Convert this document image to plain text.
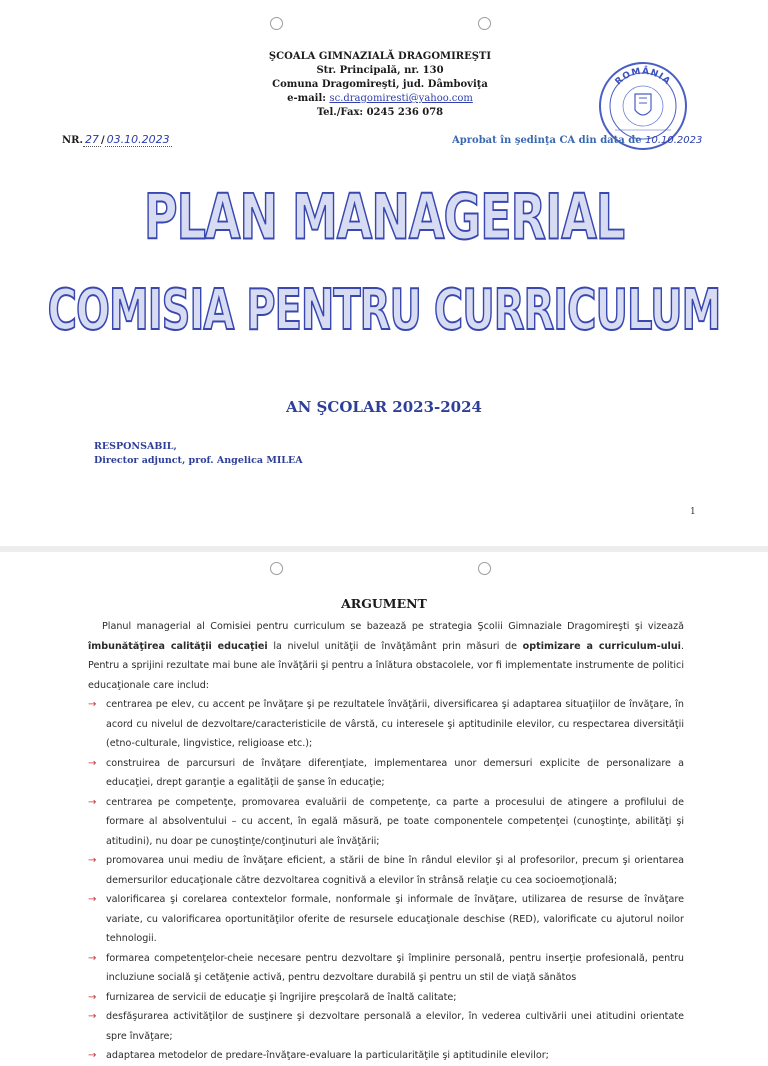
ŞCOALA GIMNAZIALĂ DRAGOMIREŞTI
Str. Principală, nr. 130
Comuna Dragomireşti, jud. Dâmboviţa
e-mail: sc.dragomiresti@yahoo.com
Tel./Fax: 0245 236 078
ROMÂNIA
NR. 27 / 03.10.2023	Aprobat în şedinţa CA din data de 10.10.2023
PLAN MANAGERIAL
COMISIA PENTRU CURRICULUM
AN ŞCOLAR 2023-2024
RESPONSABIL,
Director adjunct, prof. Angelica MILEA
1
ARGUMENT

Planul managerial al Comisiei pentru curriculum se bazează pe strategia Şcolii Gimnaziale Dragomireşti şi vizează îmbunătăţirea calităţii educaţiei la nivelul unităţii de învăţământ prin măsuri de optimizare a curriculum-ului. Pentru a sprijini rezultate mai bune ale învăţării şi pentru a înlătura obstacolele, vor fi implementate instrumente de politici educaţionale care includ:

→ centrarea pe elev, cu accent pe învăţare şi pe rezultatele învăţării, diversificarea şi adaptarea situaţiilor de învăţare, în acord cu nivelul de dezvoltare/caracteristicile de vârstă, cu interesele şi aptitudinile elevilor, cu respectarea diversităţii (etno-culturale, lingvistice, religioase etc.);
→ construirea de parcursuri de învăţare diferenţiate, implementarea unor demersuri explicite de personalizare a educaţiei, drept garanţie a egalităţii de şanse în educaţie;
→ centrarea pe competenţe, promovarea evaluării de competenţe, ca parte a procesului de atingere a profilului de formare al absolventului – cu accent, în egală măsură, pe toate componentele competenţei (cunoştinţe, abilităţi şi atitudini), nu doar pe cunoştinţe/conţinuturi ale învăţării;
→ promovarea unui mediu de învăţare eficient, a stării de bine în rândul elevilor şi al profesorilor, precum şi orientarea demersurilor educaţionale către dezvoltarea cognitivă a elevilor în strânsă relaţie cu cea socioemoţională;
→ valorificarea şi corelarea contextelor formale, nonformale şi informale de învăţare, utilizarea de resurse de învăţare variate, cu valorificarea oportunităţilor oferite de resursele educaţionale deschise (RED), valorificate cu ajutorul noilor tehnologii.
→ formarea competenţelor-cheie necesare pentru dezvoltare şi împlinire personală, pentru inserţie profesională, pentru incluziune socială şi cetăţenie activă, pentru dezvoltare durabilă şi pentru un stil de viaţă sănătos
→ furnizarea de servicii de educaţie şi îngrijire preşcolară de înaltă calitate;
→ desfăşurarea activităţilor de susţinere şi dezvoltare personală a elevilor, în vederea cultivării unei atitudini orientate spre învăţare;
→ adaptarea metodelor de predare-învăţare-evaluare la particularităţile şi aptitudinile elevilor;
